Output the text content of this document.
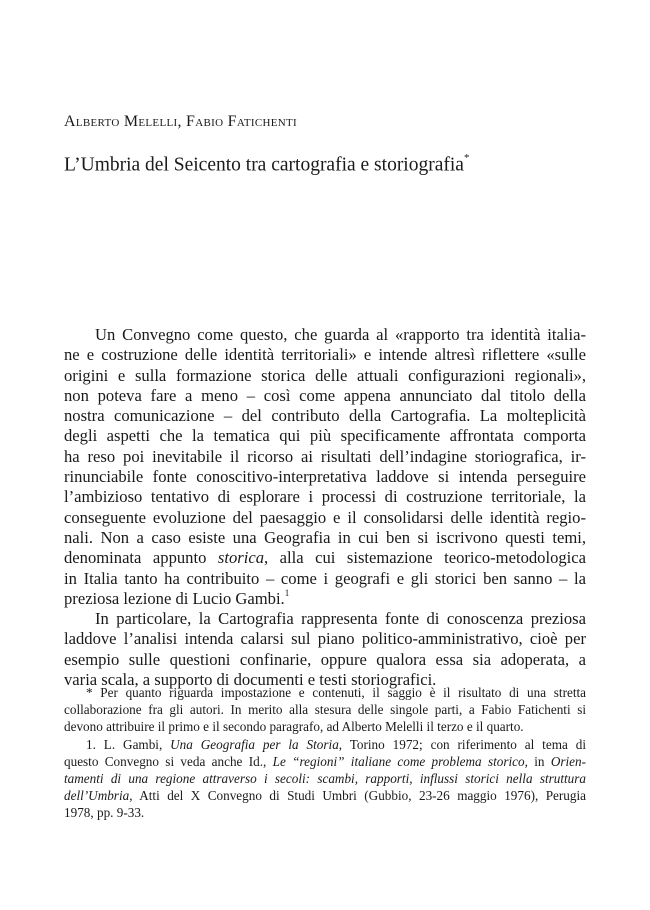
Alberto Melelli, Fabio Fatichenti
L’Umbria del Seicento tra cartografia e storiografia*
Un Convegno come questo, che guarda al «rapporto tra identità italia-
ne e costruzione delle identità territoriali» e intende altresì riflettere «sulle
origini e sulla formazione storica delle attuali configurazioni regionali»,
non poteva fare a meno – così come appena annunciato dal titolo della
nostra comunicazione – del contributo della Cartografia. La molteplicità
degli aspetti che la tematica qui più specificamente affrontata comporta
ha reso poi inevitabile il ricorso ai risultati dell’indagine storiografica, ir-
rinunciabile fonte conoscitivo-interpretativa laddove si intenda perseguire
l’ambizioso tentativo di esplorare i processi di costruzione territoriale, la
conseguente evoluzione del paesaggio e il consolidarsi delle identità regio-
nali. Non a caso esiste una Geografia in cui ben si iscrivono questi temi,
denominata appunto storica, alla cui sistemazione teorico-metodologica
in Italia tanto ha contribuito – come i geografi e gli storici ben sanno – la
preziosa lezione di Lucio Gambi.$^1$
In particolare, la Cartografia rappresenta fonte di conoscenza preziosa
laddove l’analisi intenda calarsi sul piano politico-amministrativo, cioè per
esempio sulle questioni confinarie, oppure qualora essa sia adoperata, a
varia scala, a supporto di documenti e testi storiografici.
* Per quanto riguarda impostazione e contenuti, il saggio è il risultato di una stretta
collaborazione fra gli autori. In merito alla stesura delle singole parti, a Fabio Fatichenti si
devono attribuire il primo e il secondo paragrafo, ad Alberto Melelli il terzo e il quarto.
1. L. Gambi, Una Geografia per la Storia, Torino 1972; con riferimento al tema di
questo Convegno si veda anche Id., Le “regioni” italiane come problema storico, in Orien-
tamenti di una regione attraverso i secoli: scambi, rapporti, influssi storici nella struttura
dell’Umbria, Atti del X Convegno di Studi Umbri (Gubbio, 23-26 maggio 1976), Perugia
1978, pp. 9-33.
